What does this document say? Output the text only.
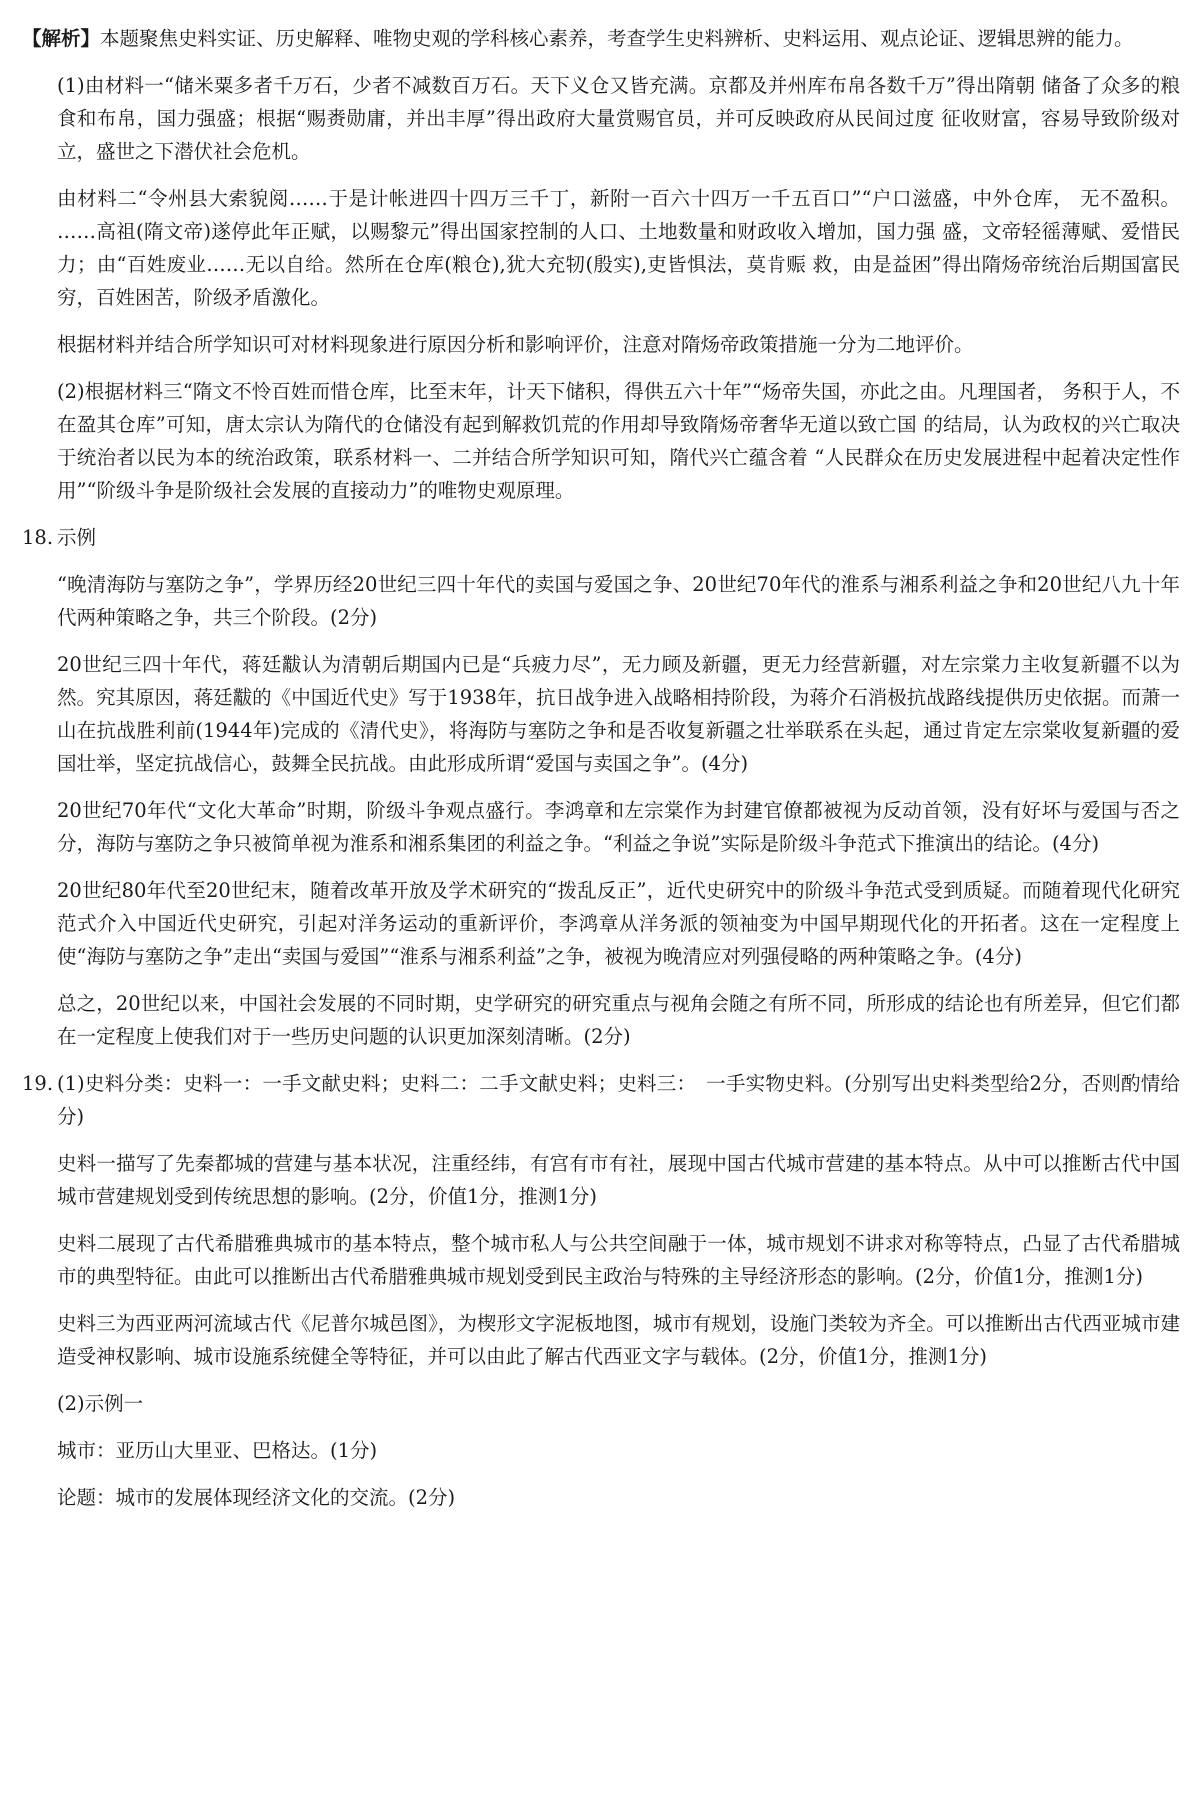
【解析】本题聚焦史料实证、历史解释、唯物史观的学科核心素养，考查学生史料辨析、史料运用、观点论证、逻辑思辨的能力。

(1)由材料一“储米粟多者千万石，少者不减数百万石。天下义仓又皆充满。京都及并州库布帛各数千万”得出隋朝 储备了众多的粮食和布帛，国力强盛；根据“赐赉勋庸，并出丰厚”得出政府大量赏赐官员，并可反映政府从民间过度 征收财富，容易导致阶级对立，盛世之下潜伏社会危机。

由材料二“令州县大索貌阅……于是计帐进四十四万三千丁，新附一百六十四万一千五百口”“户口滋盛，中外仓库， 无不盈积。 ……高祖(隋文帝)遂停此年正赋，以赐黎元”得出国家控制的人口、土地数量和财政收入增加，国力强 盛，文帝轻徭薄赋、爱惜民力；由“百姓废业……无以自给。然所在仓库(粮仓),犹大充牣(殷实),吏皆惧法，莫肯赈 救，由是益困”得出隋炀帝统治后期国富民穷，百姓困苦，阶级矛盾激化。

根据材料并结合所学知识可对材料现象进行原因分析和影响评价，注意对隋炀帝政策措施一分为二地评价。

(2)根据材料三“隋文不怜百姓而惜仓库，比至末年，计天下储积，得供五六十年”“炀帝失国，亦此之由。凡理国者， 务积于人，不在盈其仓库”可知，唐太宗认为隋代的仓储没有起到解救饥荒的作用却导致隋炀帝奢华无道以致亡国 的结局，认为政权的兴亡取决于统治者以民为本的统治政策，联系材料一、二并结合所学知识可知，隋代兴亡蕴含着 “人民群众在历史发展进程中起着决定性作用”“阶级斗争是阶级社会发展的直接动力”的唯物史观原理。

18. 示例

“晚清海防与塞防之争”，学界历经20世纪三四十年代的卖国与爱国之争、20世纪70年代的淮系与湘系利益之争和20世纪八九十年代两种策略之争，共三个阶段。(2分)

20世纪三四十年代，蒋廷黻认为清朝后期国内已是“兵疲力尽”，无力顾及新疆，更无力经营新疆，对左宗棠力主收复新疆不以为然。究其原因，蒋廷黻的《中国近代史》写于1938年，抗日战争进入战略相持阶段，为蒋介石消极抗战路线提供历史依据。而萧一山在抗战胜利前(1944年)完成的《清代史》，将海防与塞防之争和是否收复新疆之壮举联系在头起，通过肯定左宗棠收复新疆的爱国壮举，坚定抗战信心，鼓舞全民抗战。由此形成所谓“爱国与卖国之争”。(4分)

20世纪70年代“文化大革命”时期，阶级斗争观点盛行。李鸿章和左宗棠作为封建官僚都被视为反动首领，没有好坏与爱国与否之分，海防与塞防之争只被简单视为淮系和湘系集团的利益之争。“利益之争说”实际是阶级斗争范式下推演出的结论。(4分)

20世纪80年代至20世纪末，随着改革开放及学术研究的“拨乱反正”，近代史研究中的阶级斗争范式受到质疑。而随着现代化研究范式介入中国近代史研究，引起对洋务运动的重新评价，李鸿章从洋务派的领袖变为中国早期现代化的开拓者。这在一定程度上使“海防与塞防之争”走出“卖国与爱国”“淮系与湘系利益”之争，被视为晚清应对列强侵略的两种策略之争。(4分)

总之，20世纪以来，中国社会发展的不同时期，史学研究的研究重点与视角会随之有所不同，所形成的结论也有所差异，但它们都在一定程度上使我们对于一些历史问题的认识更加深刻清晰。(2分)

19. (1)史料分类：史料一：一手文献史料；史料二：二手文献史料；史料三：　一手实物史料。(分别写出史料类型给2分，否则酌情给分)

史料一描写了先秦都城的营建与基本状况，注重经纬，有宫有市有社，展现中国古代城市营建的基本特点。从中可以推断古代中国城市营建规划受到传统思想的影响。(2分，价值1分，推测1分)

史料二展现了古代希腊雅典城市的基本特点，整个城市私人与公共空间融于一体，城市规划不讲求对称等特点，凸显了古代希腊城市的典型特征。由此可以推断出古代希腊雅典城市规划受到民主政治与特殊的主导经济形态的影响。(2分，价值1分，推测1分)

史料三为西亚两河流域古代《尼普尔城邑图》，为楔形文字泥板地图，城市有规划，设施门类较为齐全。可以推断出古代西亚城市建造受神权影响、城市设施系统健全等特征，并可以由此了解古代西亚文字与载体。(2分，价值1分，推测1分)

(2)示例一

城市：亚历山大里亚、巴格达。(1分)

论题：城市的发展体现经济文化的交流。(2分)
